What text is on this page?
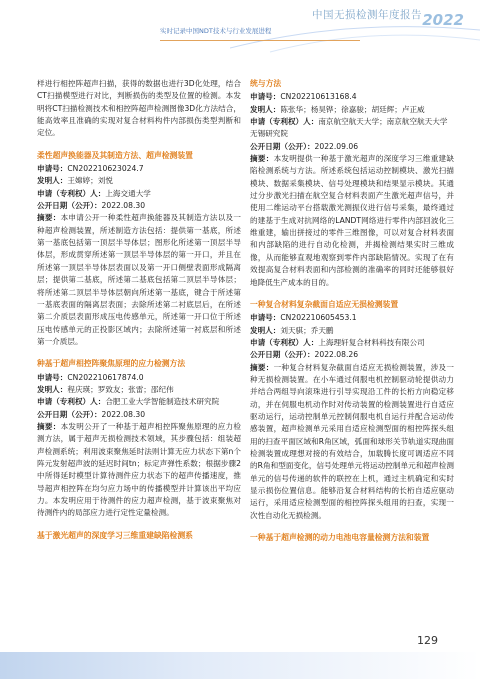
中国无损检测年度报告 2022
实时记录中国NDT技术与行业发展进程

样进行相控阵超声扫描，获得的数据也进行3D化处理，结合CT扫描模型进行对比，判断损伤的类型及位置的检测。本发明将CT扫描检测技术和相控阵超声检测图像3D化方法结合，能高效率且准确的实现对复合材料构件内部损伤类型判断和定位。

柔性超声换能器及其制造方法、超声检测装置

申请号：CN202210623024.7

发明人：王嫦婷；刘悦

申请（专利权）人：上海交通大学

公开日期（公开）：2022.08.30

摘要：本申请公开一种柔性超声换能器及其制造方法以及一种超声检测装置，所述制造方法包括：提供第一基底，所述第一基底包括第一顶层半导体层；图形化所述第一顶层半导体层，形成贯穿所述第一顶层半导体层的第一开口，并且在所述第一顶层半导体层表面以及第一开口侧壁表面形成隔离层；提供第二基底，所述第二基底包括第二顶层半导体层；将所述第二顶层半导体层朝向所述第一基底，键合于所述第一基底表面的隔离层表面；去除所述第二衬底层后，在所述第二介质层表面形成压电传感单元，所述第一开口位于所述压电传感单元的正投影区域内；去除所述第一衬底层和所述第一介质层。

种基于超声相控阵聚焦原理的应力检测方法

申请号：CN202210617874.0

发明人：程庆瑛；罗致友；张雷；邵纪伟

申请（专利权）人：合肥工业大学智能制造技术研究院

公开日期（公开）：2022.08.30

摘要：本发明公开了一种基于超声相控阵聚焦原理的应力检测方法，属于超声无损检测技术领域，其步骤包括：组装超声检测系统；利用波束聚焦延时法则计算无应力状态下第n个阵元发射超声波的延迟时间tn；标定声弹性系数；根据步骤2中所得延时模型计算待测件应力状态下的超声传播速度，推导超声相控阵在均匀应力场中的传播模型并计算该出平均应力。本发明应用于待测件的应力超声检测，基于波束聚焦对待测件内的局部应力进行定性定量检测。

基于激光超声的深度学习三维重建缺陷检测系

统与方法

申请号：CN202210613168.4

发明人：陈张华；杨昊铧；徐嘉骏；胡廷辉；卢正威

申请（专利权）人：南京航空航天大学；南京航空航天大学无锡研究院

公开日期（公开）：2022.09.06

摘要：本发明提供一种基于激光超声的深度学习三维重建缺陷检测系统与方法。所述系统包括运动控制模块、激光扫描模块、数据采集模块、信号处理模块和结果显示模块。其通过分步激光扫描在航空复合材料表面产生激光超声信号，并使用二维运动平台搭载激光测振仪进行信号采集，最终通过的建基于生成对抗网络的LANDT网络进行零件内部回波化三维重建，输出拼接过的零件三维图像，可以对复合材料表面和内部缺陷的进行自动化检测，并揭检测结果实时三维成像，从而能够直观地观察到零件内部缺陷情况。实现了在有效提高复合材料表面和内部检测的准确率的同时还能够很好地降低生产成本的目的。

一种复合材料复杂截面自适应无损检测装置

申请号：CN202210605453.1

发明人：刘天骐；乔天鹏

申请（专利权）人：上海理轩复合材料科技有限公司

公开日期（公开）：2022.08.26

摘要：一种复合材料复杂截面自适应无损检测装置，涉及一种无损检测装置。在小车通过伺服电机控制驱动轮提供动力并结合两组导向滚珠进行引导实现沿工件的长桁方向稳定移动，并在伺服电机动作时对传动装置的检测装置进行自适应驱动运行，运动控制单元控制伺服电机自运行并配合运动传感装置，超声检测单元采用自适应检测型面的相控阵探头组用的扫查平面区域和R角区域，弧面和球形关节轨道实现曲面检测装置成理想对接的有效结合，加载腾长度可调适应不同的R角和型面变化，信号处理单元将运动控制单元和超声检测单元的信号传递的软件的联控在上机，通过主机确定和实时显示损伤位置信息。能够沿复合材料结构的长桁自适应驱动运行，采用适应检测型面的相控阵探头组用的扫查，实现一次性自动化无损检测。

一种基于超声检测的动力电池电容量检测方法和装置

129
